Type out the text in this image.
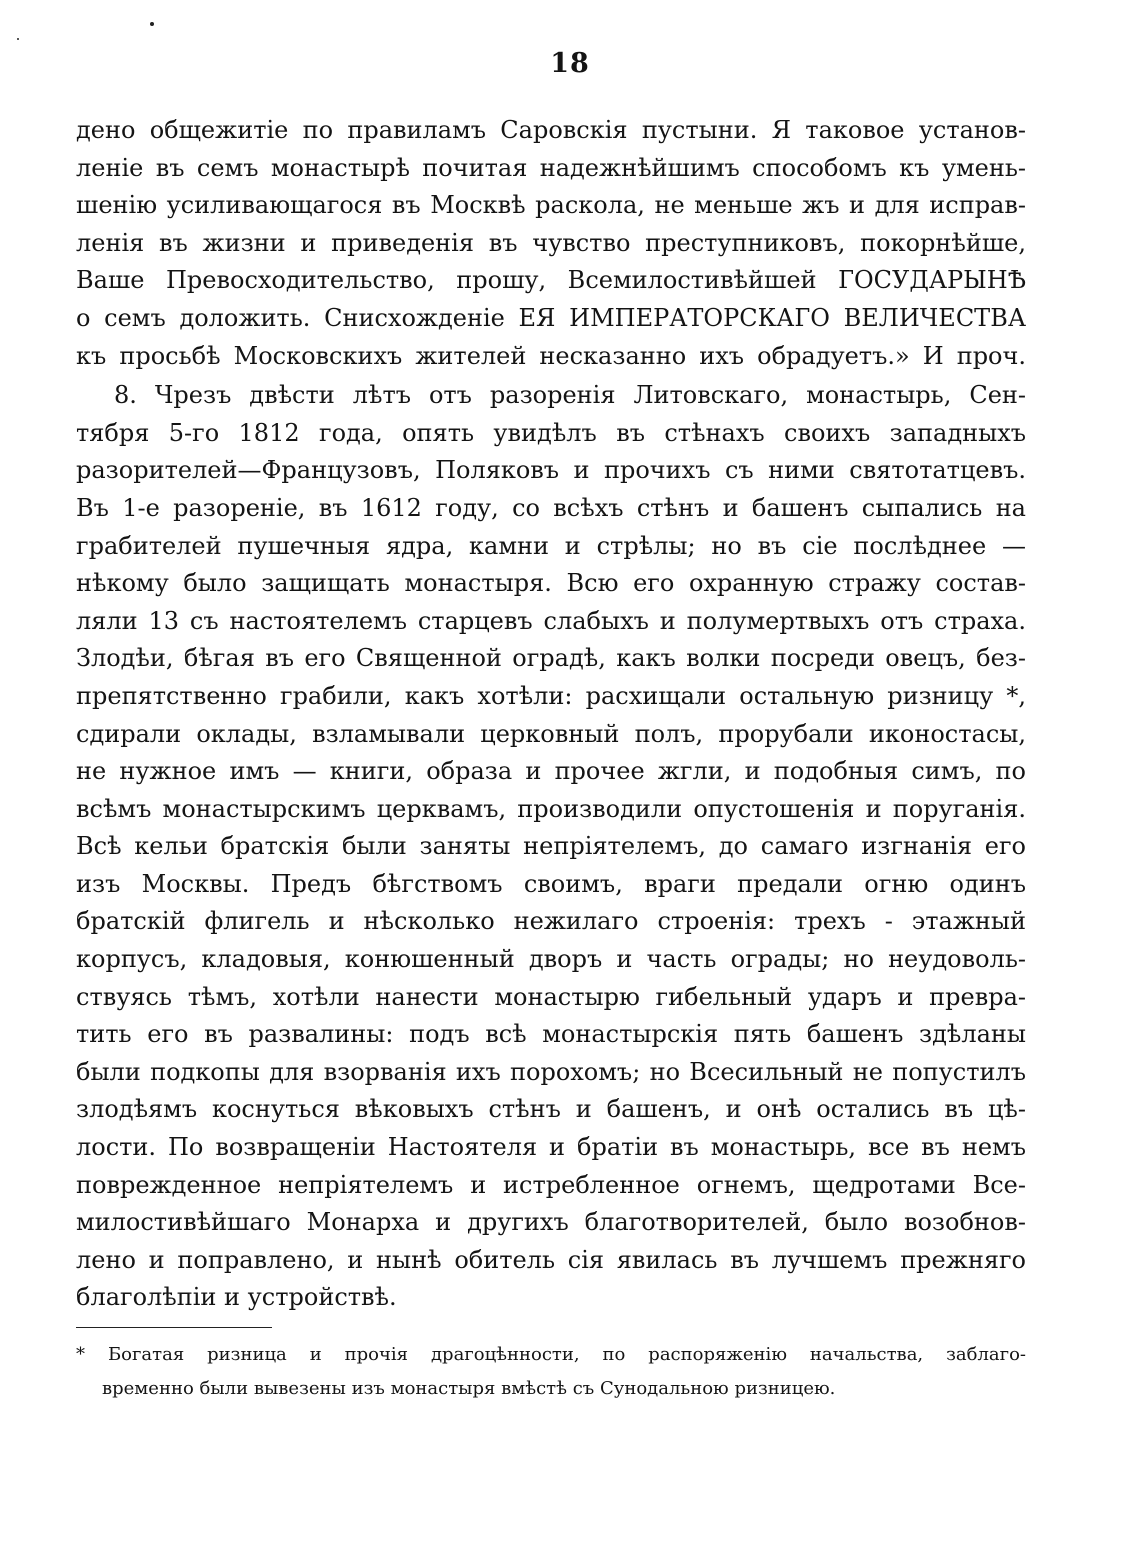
18
дено общежитіе по правиламъ Саровскія пустыни. Я таковое установ-
леніе въ семъ монастырѣ почитая надежнѣйшимъ способомъ къ умень-
шенію усиливающагося въ Москвѣ раскола, не меньше жъ и для исправ-
ленія въ жизни и приведенія въ чувство преступниковъ, покорнѣйше,
Ваше Превосходительство, прошу, Всемилостивѣйшей ГОСУДАРЫНѢ
о семъ доложить. Снисхожденіе ЕЯ ИМПЕРАТОРСКАГО ВЕЛИЧЕСТВА
къ просьбѣ Московскихъ жителей несказанно ихъ обрадуетъ.» И проч.
8. Чрезъ двѣсти лѣтъ отъ разоренія Литовскаго, монастырь, Сен-
тября 5-го 1812 года, опять увидѣлъ въ стѣнахъ своихъ западныхъ
разорителей—Французовъ, Поляковъ и прочихъ съ ними святотатцевъ.
Въ 1-е разореніе, въ 1612 году, со всѣхъ стѣнъ и башенъ сыпались на
грабителей пушечныя ядра, камни и стрѣлы; но въ сіе послѣднее —
нѣкому было защищать монастыря. Всю его охранную стражу состав-
ляли 13 съ настоятелемъ старцевъ слабыхъ и полумертвыхъ отъ страха.
Злодѣи, бѣгая въ его Священной оградѣ, какъ волки посреди овецъ, без-
препятственно грабили, какъ хотѣли: расхищали остальную ризницу *,
сдирали оклады, взламывали церковный полъ, прорубали иконостасы,
не нужное имъ — книги, образа и прочее жгли, и подобныя симъ, по
всѣмъ монастырскимъ церквамъ, производили опустошенія и поруганія.
Всѣ кельи братскія были заняты непріятелемъ, до самаго изгнанія его
изъ Москвы. Предъ бѣгствомъ своимъ, враги предали огню одинъ
братскій флигель и нѣсколько нежилаго строенія: трехъ - этажный
корпусъ, кладовыя, конюшенный дворъ и часть ограды; но неудоволь-
ствуясь тѣмъ, хотѣли нанести монастырю гибельный ударъ и превра-
тить его въ развалины: подъ всѣ монастырскія пять башенъ здѣланы
были подкопы для взорванія ихъ порохомъ; но Всесильный не попустилъ
злодѣямъ коснуться вѣковыхъ стѣнъ и башенъ, и онѣ остались въ цѣ-
лости. По возвращеніи Настоятеля и братіи въ монастырь, все въ немъ
поврежденное непріятелемъ и истребленное огнемъ, щедротами Все-
милостивѣйшаго Монарха и другихъ благотворителей, было возобнов-
лено и поправлено, и нынѣ обитель сія явилась въ лучшемъ прежняго
благолѣпіи и устройствѣ.
* Богатая ризница и прочія драгоцѣнности, по распоряженію начальства, заблаго-
временно были вывезены изъ монастыря вмѣстѣ съ Сунодальною ризницею.
